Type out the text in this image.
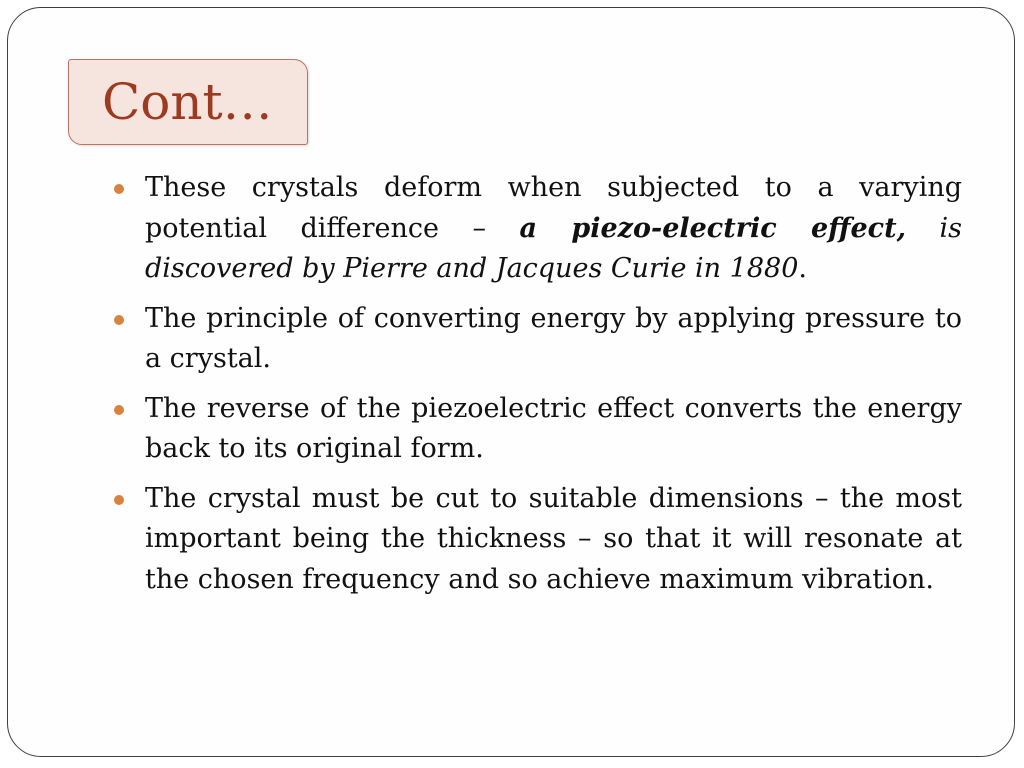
Cont…
These crystals deform when subjected to a varying potential difference – a piezo-electric effect, is discovered by Pierre and Jacques Curie in 1880.
The principle of converting energy by applying pressure to a crystal.
The reverse of the piezoelectric effect converts the energy back to its original form.
The crystal must be cut to suitable dimensions – the most important being the thickness – so that it will resonate at the chosen frequency and so achieve maximum vibration.
